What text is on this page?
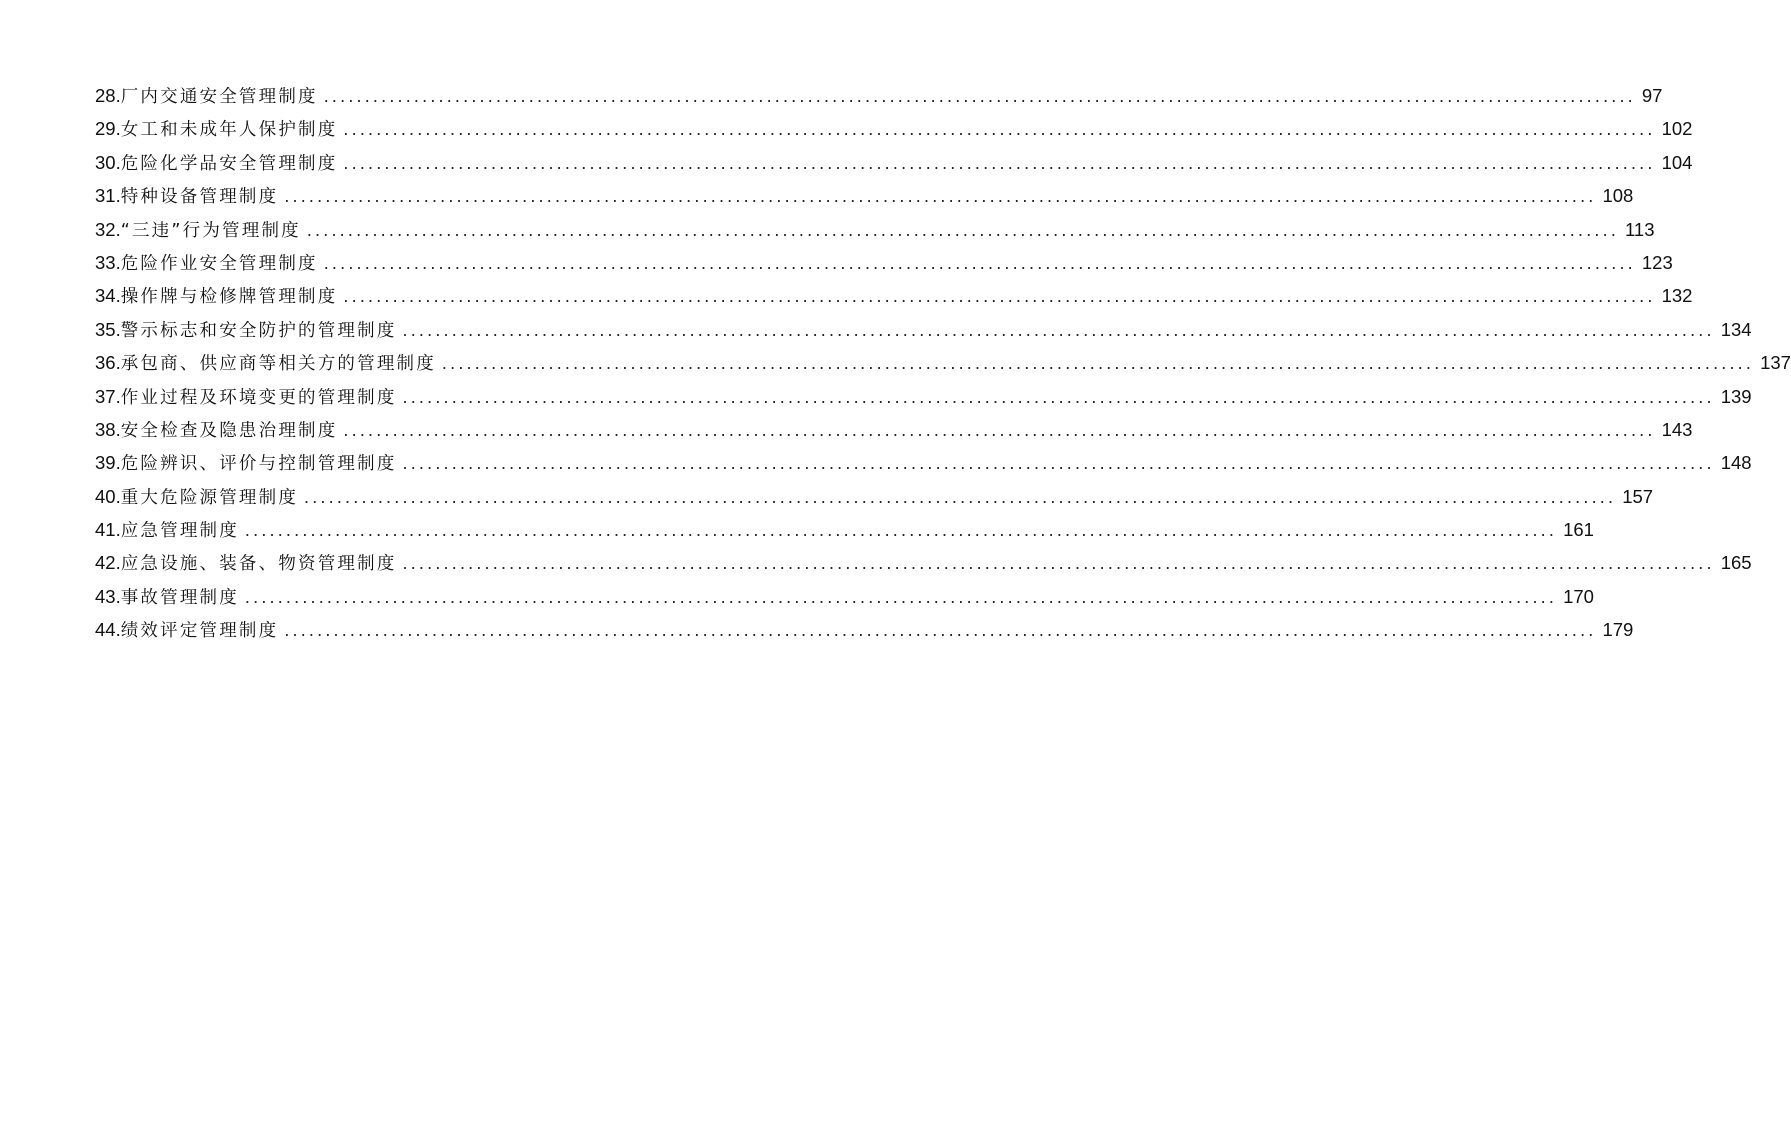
28. 厂内交通安全管理制度 ................................................................................................................................................................ 97
29. 女工和未成年人保护制度 ................................................................................................................................................................ 102
30. 危险化学品安全管理制度 ................................................................................................................................................................ 104
31. 特种设备管理制度 ................................................................................................................................................................ 108
32. “三违”行为管理制度 ................................................................................................................................................................ 113
33. 危险作业安全管理制度 ................................................................................................................................................................ 123
34. 操作牌与检修牌管理制度 ................................................................................................................................................................ 132
35. 警示标志和安全防护的管理制度 ................................................................................................................................................................ 134
36. 承包商、供应商等相关方的管理制度 ................................................................................................................................................................ 137
37. 作业过程及环境变更的管理制度 ................................................................................................................................................................ 139
38. 安全检查及隐患治理制度 ................................................................................................................................................................ 143
39. 危险辨识、评价与控制管理制度 ................................................................................................................................................................ 148
40. 重大危险源管理制度 ................................................................................................................................................................ 157
41. 应急管理制度 ................................................................................................................................................................ 161
42. 应急设施、装备、物资管理制度 ................................................................................................................................................................ 165
43. 事故管理制度 ................................................................................................................................................................ 170
44. 绩效评定管理制度 ................................................................................................................................................................ 179
